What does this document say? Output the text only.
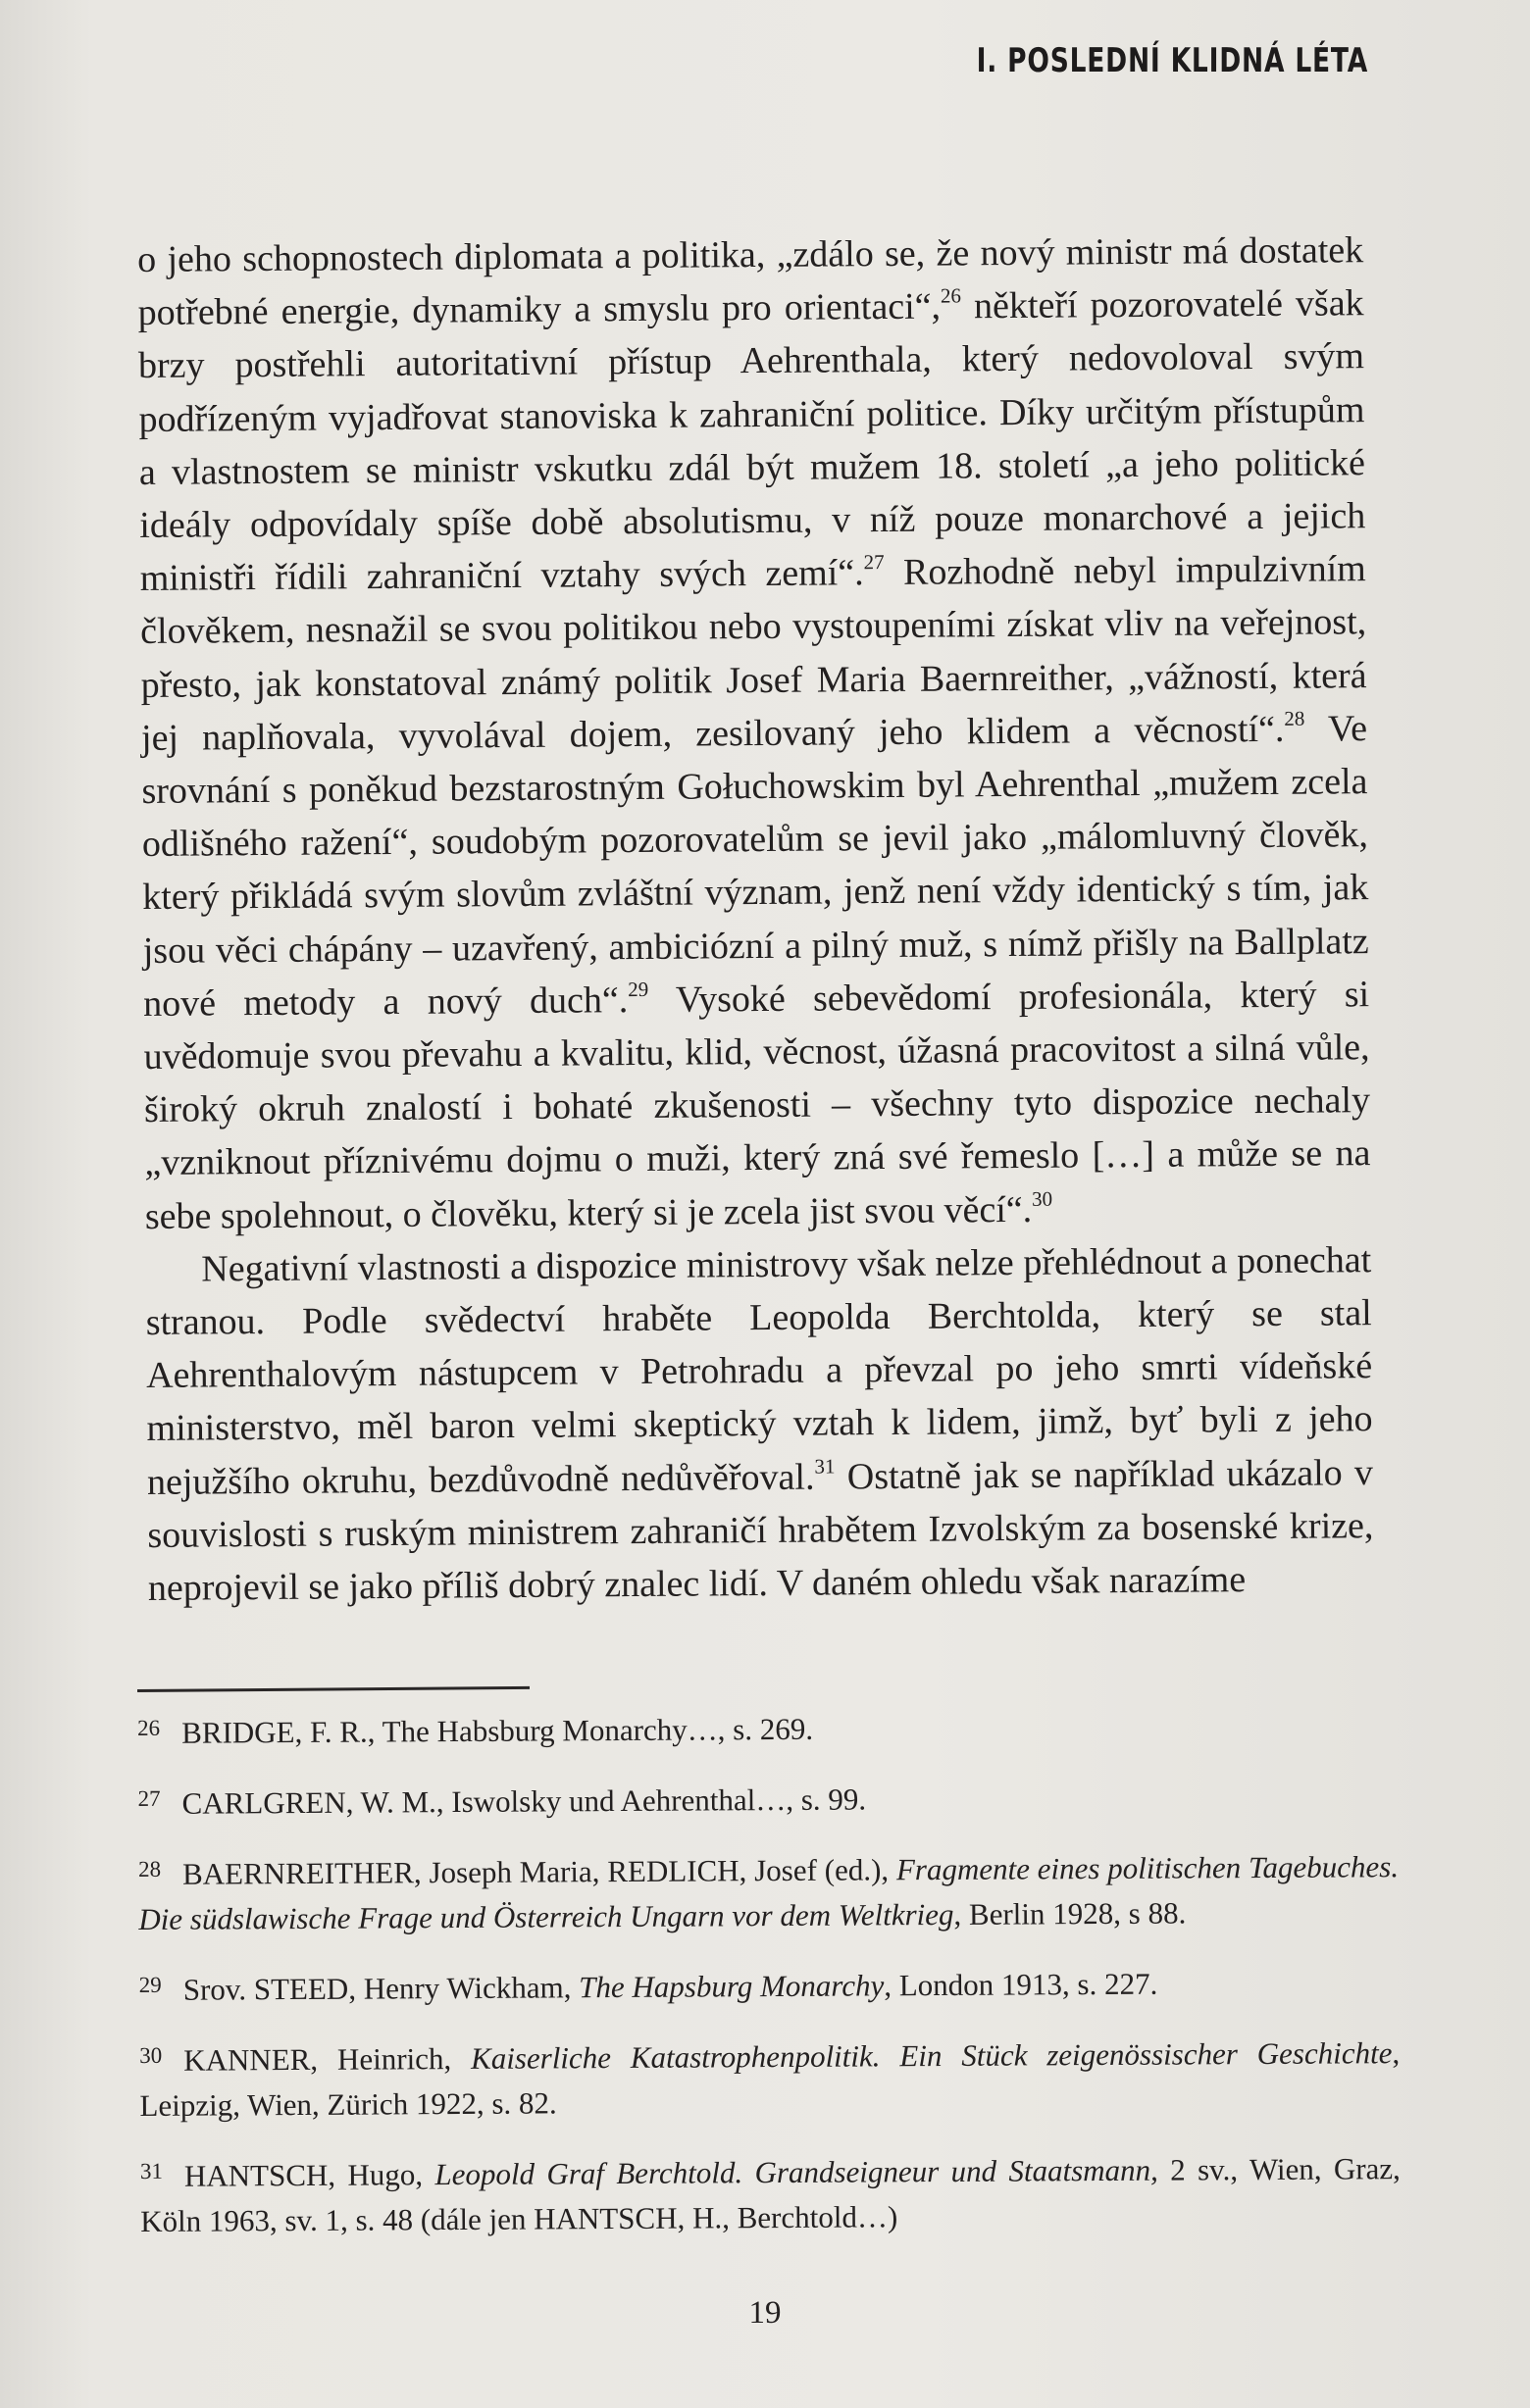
I. POSLEDNÍ KLIDNÁ LÉTA

o jeho schopnostech diplomata a politika, „zdálo se, že nový ministr má dostatek potřebné energie, dynamiky a smyslu pro orientaci“,$^{26}$ někteří pozorovatelé však brzy postřehli autoritativní přístup Aehrenthala, který nedovoloval svým podřízeným vyjadřovat stanoviska k zahraniční politice. Díky určitým přístupům a vlastnostem se ministr vskutku zdál být mužem 18. století „a jeho politické ideály odpovídaly spíše době absolutismu, v níž pouze monarchové a jejich ministři řídili zahraniční vztahy svých zemí“.$^{27}$ Rozhodně nebyl impulzivním člověkem, nesnažil se svou politikou nebo vystoupeními získat vliv na veřejnost, přesto, jak konstatoval známý politik Josef Maria Baernreither, „vážností, která jej naplňovala, vyvolával dojem, zesilovaný jeho klidem a věcností“.$^{28}$ Ve srovnání s poněkud bezstarostným Gołuchowskim byl Aehrenthal „mužem zcela odlišného ražení“, soudobým pozorovatelům se jevil jako „málomluvný člověk, který přikládá svým slovům zvláštní význam, jenž není vždy identický s tím, jak jsou věci chápány – uzavřený, ambiciózní a pilný muž, s nímž přišly na Ballplatz nové metody a nový duch“.$^{29}$ Vysoké sebevědomí profesionála, který si uvědomuje svou převahu a kvalitu, klid, věcnost, úžasná pracovitost a silná vůle, široký okruh znalostí i bohaté zkušenosti – všechny tyto dispozice nechaly „vzniknout příznivému dojmu o muži, který zná své řemeslo […] a může se na sebe spolehnout, o člověku, který si je zcela jist svou věcí“.$^{30}$

Negativní vlastnosti a dispozice ministrovy však nelze přehlédnout a ponechat stranou. Podle svědectví hraběte Leopolda Berchtolda, který se stal Aehrenthalovým nástupcem v Petrohradu a převzal po jeho smrti vídeňské ministerstvo, měl baron velmi skeptický vztah k lidem, jimž, byť byli z jeho nejužšího okruhu, bezdůvodně nedůvěřoval.$^{31}$ Ostatně jak se například ukázalo v souvislosti s ruským ministrem zahraničí hrabětem Izvolským za bosenské krize, neprojevil se jako příliš dobrý znalec lidí. V daném ohledu však narazíme

$^{26}$ BRIDGE, F. R., The Habsburg Monarchy…, s. 269.
$^{27}$ CARLGREN, W. M., Iswolsky und Aehrenthal…, s. 99.
$^{28}$ BAERNREITHER, Joseph Maria, REDLICH, Josef (ed.), Fragmente eines politischen Tagebuches. Die südslawische Frage und Österreich Ungarn vor dem Weltkrieg, Berlin 1928, s 88.
$^{29}$ Srov. STEED, Henry Wickham, The Hapsburg Monarchy, London 1913, s. 227.
$^{30}$ KANNER, Heinrich, Kaiserliche Katastrophenpolitik. Ein Stück zeigenössischer Geschichte, Leipzig, Wien, Zürich 1922, s. 82.
$^{31}$ HANTSCH, Hugo, Leopold Graf Berchtold. Grandseigneur und Staatsmann, 2 sv., Wien, Graz, Köln 1963, sv. 1, s. 48 (dále jen HANTSCH, H., Berchtold…)
19
